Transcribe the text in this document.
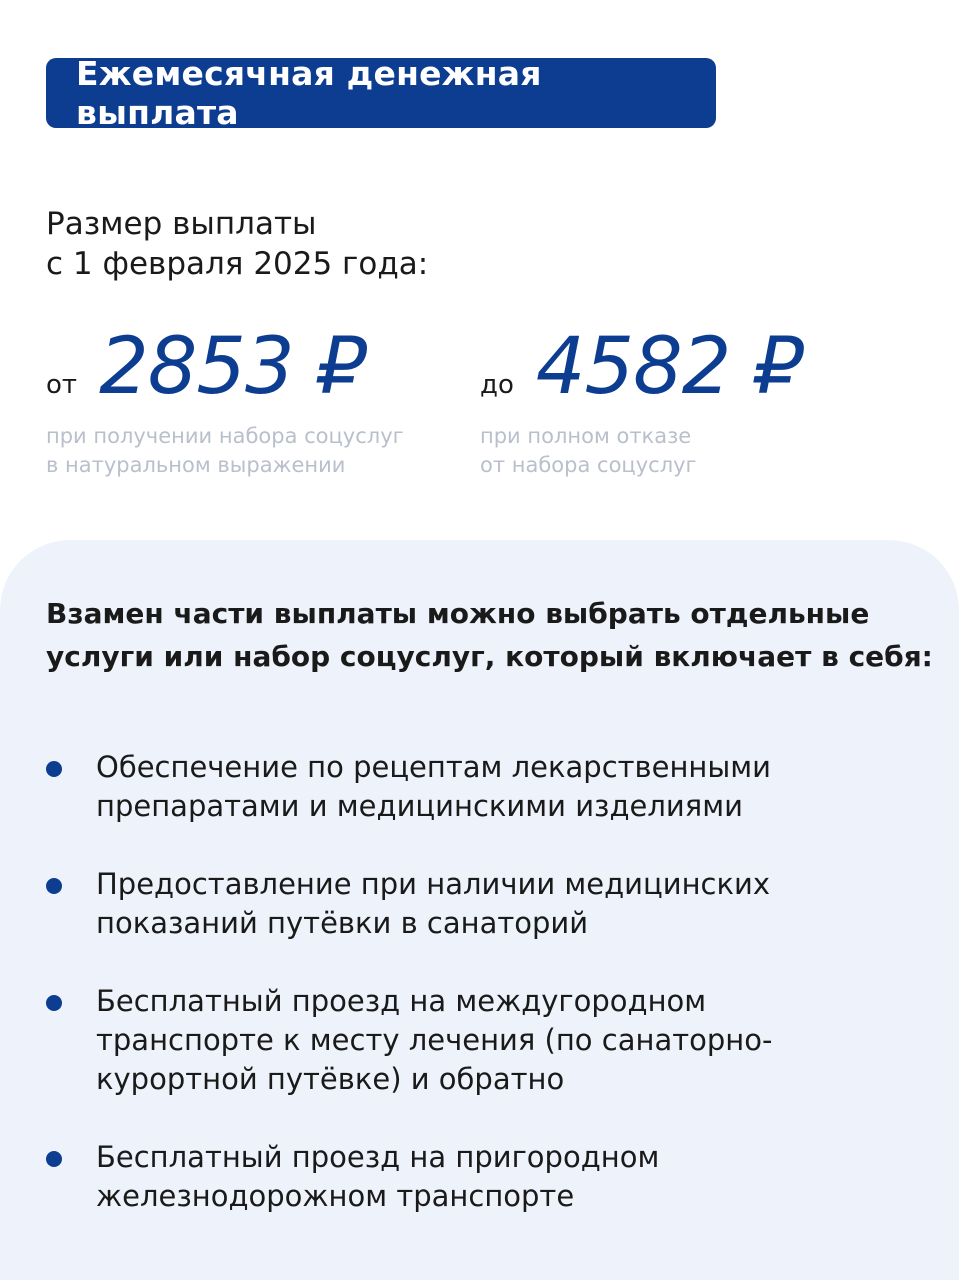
Ежемесячная денежная выплата
Размер выплаты
с 1 февраля 2025 года:
от 2853 ₽
при получении набора соцуслуг
в натуральном выражении
до 4582 ₽
при полном отказе
от набора соцуслуг
Взамен части выплаты можно выбрать отдельные
услуги или набор соцуслуг, который включает в себя:
Обеспечение по рецептам лекарственными
препаратами и медицинскими изделиями
Предоставление при наличии медицинских
показаний путёвки в санаторий
Бесплатный проезд на междугородном
транспорте к месту лечения (по санаторно-
курортной путёвке) и обратно
Бесплатный проезд на пригородном
железнодорожном транспорте
